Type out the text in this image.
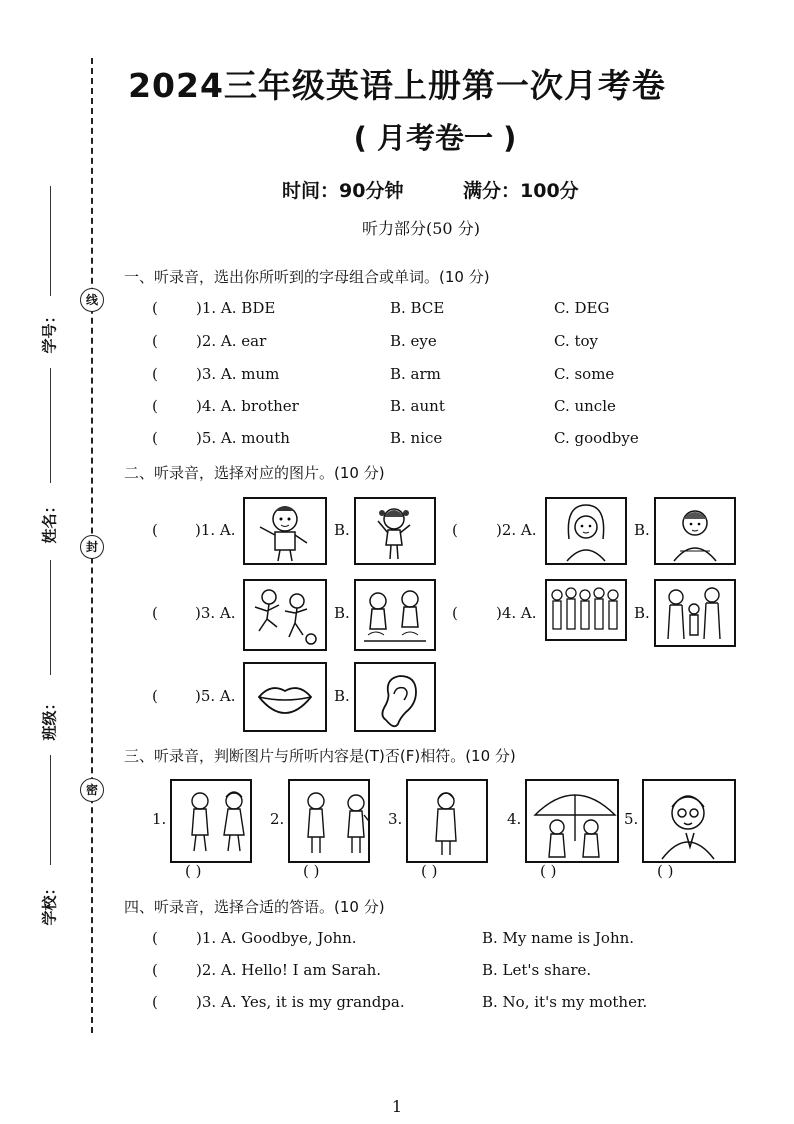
线
封
密
学号：
姓名：
班级：
学校：
2024三年级英语上册第一次月考卷
( 月考卷一 )
时间：90分钟	满分：100分
听力部分(50 分)
一、听录音，选出你所听到的字母组合或单词。(10 分)
(	)1. A. BDE	B. BCE	C. DEG
(	)2. A. ear	B. eye	C. toy
(	)3. A. mum	B. arm	C. some
(	)4. A. brother	B. aunt	C. uncle
(	)5. A. mouth	B. nice	C. goodbye
二、听录音，选择对应的图片。(10 分)
( )1. A.	B.	(	)2. A.	B.
( )3. A.	B.	(	)4. A.	B.
( )5. A.	B.
三、听录音，判断图片与所听内容是(T)否(F)相符。(10 分)
1.
( )
2.
( )
3.
( )
4.
( )
5.
( )
四、听录音，选择合适的答语。(10 分)
(	)1. A. Goodbye, John.	B. My name is John.
(	)2. A. Hello! I am Sarah.	B. Let's share.
(	)3. A. Yes, it is my grandpa.	B. No, it's my mother.
1
